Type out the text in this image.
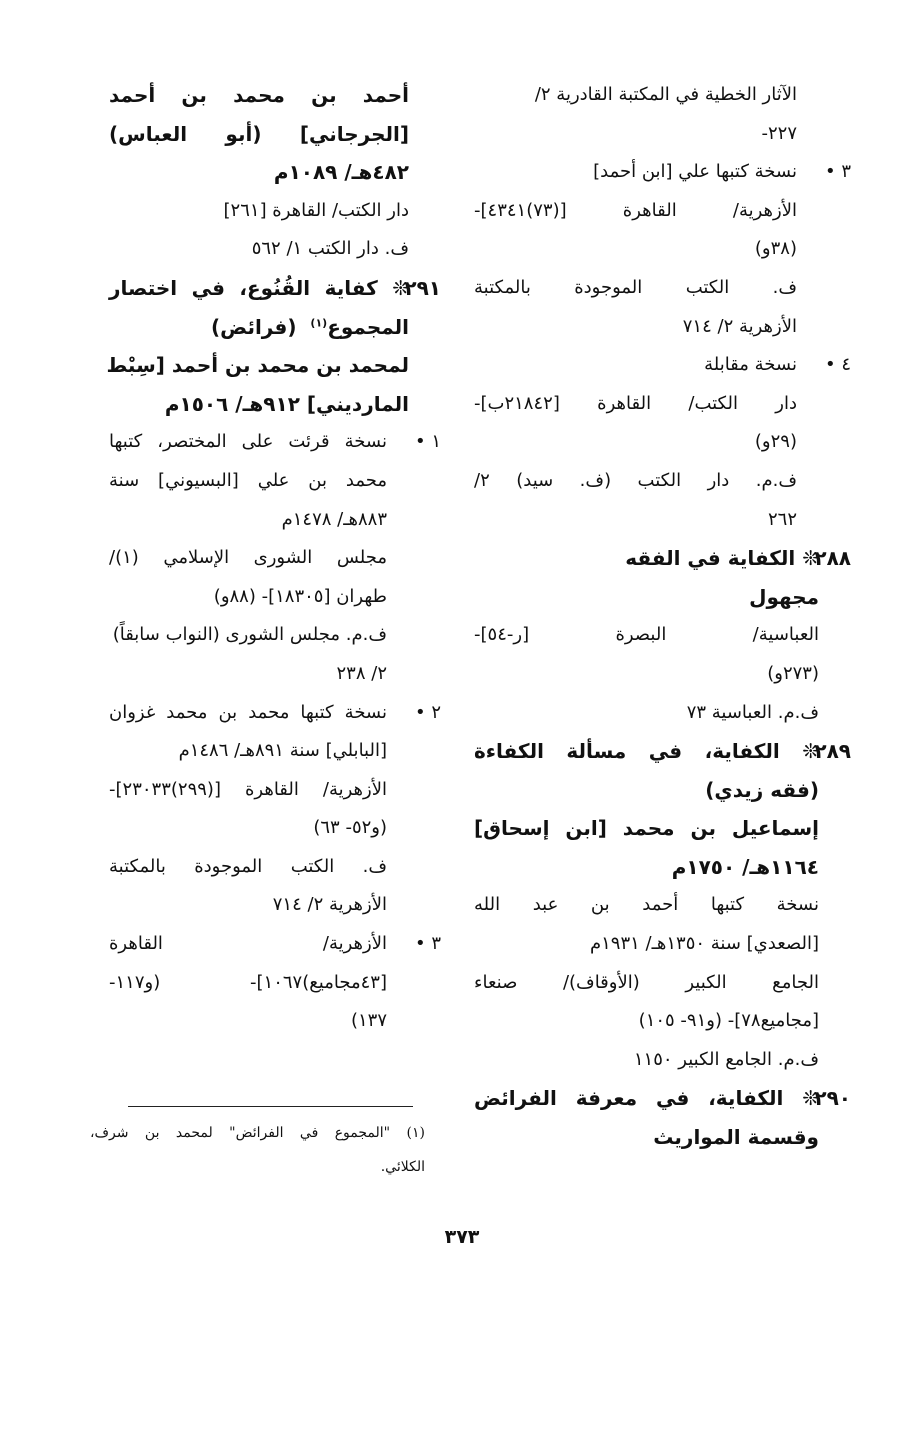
الآثار الخطية في المكتبة القادرية ٢/
٢٢٧-
٣ •
نسخة كتبها علي [ابن أحمد]
الأزهرية/ القاهرة [(٧٣)٤٣٤١]-
(٣٨و)
ف. الكتب الموجودة بالمكتبة
الأزهرية ٢/ ٧١٤
٤ •
نسخة مقابلة
دار الكتب/ القاهرة [٢١٨٤٢ب]-
(٢٩و)
ف.م. دار الكتب (ف. سيد) ٢/
٢٦٢
٢٨٨
❊ الكفاية في الفقه
مجهول
العباسية/ البصرة [ر-٥٤]-
(٢٧٣و)
ف.م. العباسية ٧٣
٢٨٩
❊ الكفاية، في مسألة الكفاءة
(فقه زيدي)
إسماعيل بن محمد [ابن إسحاق]
١١٦٤هـ/ ١٧٥٠م
نسخة كتبها أحمد بن عبد الله
[الصعدي] سنة ١٣٥٠هـ/ ١٩٣١م
الجامع الكبير (الأوقاف)/ صنعاء
[مجاميع٧٨]- (و٩١- ١٠٥)
ف.م. الجامع الكبير ١١٥٠
٢٩٠
❊ الكفاية، في معرفة الفرائض
وقسمة المواريث
أحمد بن محمد بن أحمد
[الجرجاني] (أبو العباس)
٤٨٢هـ/ ١٠٨٩م
دار الكتب/ القاهرة [٢٦١]
ف. دار الكتب ١/ ٥٦٢
٢٩١
❊ كفاية القُنُوع، في اختصار
المجموع$^{(١)}$  (فرائض)
لمحمد بن محمد بن أحمد [سِبْط
المارديني] ٩١٢هـ/ ١٥٠٦م
١ •
نسخة قرئت على المختصر، كتبها
محمد بن علي [البسيوني] سنة
٨٨٣هـ/ ١٤٧٨م
مجلس الشورى الإسلامي (١)/
طهران [١٨٣٠٥]- (٨٨و)
ف.م. مجلس الشورى (النواب سابقاً)
٢/ ٢٣٨
٢ •
نسخة كتبها محمد بن محمد غزوان
[البابلي] سنة ٨٩١هـ/ ١٤٨٦م
الأزهرية/ القاهرة [(٢٩٩)٢٣٠٣٣]-
(و٥٢- ٦٣)
ف. الكتب الموجودة بالمكتبة
الأزهرية ٢/ ٧١٤
٣ •
الأزهرية/ القاهرة
[٤٣مجاميع)١٠٦٧]- (و١١٧-
١٣٧)
(١) "المجموع في الفرائض" لمحمد بن شرف،
الكلائي.
٣٧٣
